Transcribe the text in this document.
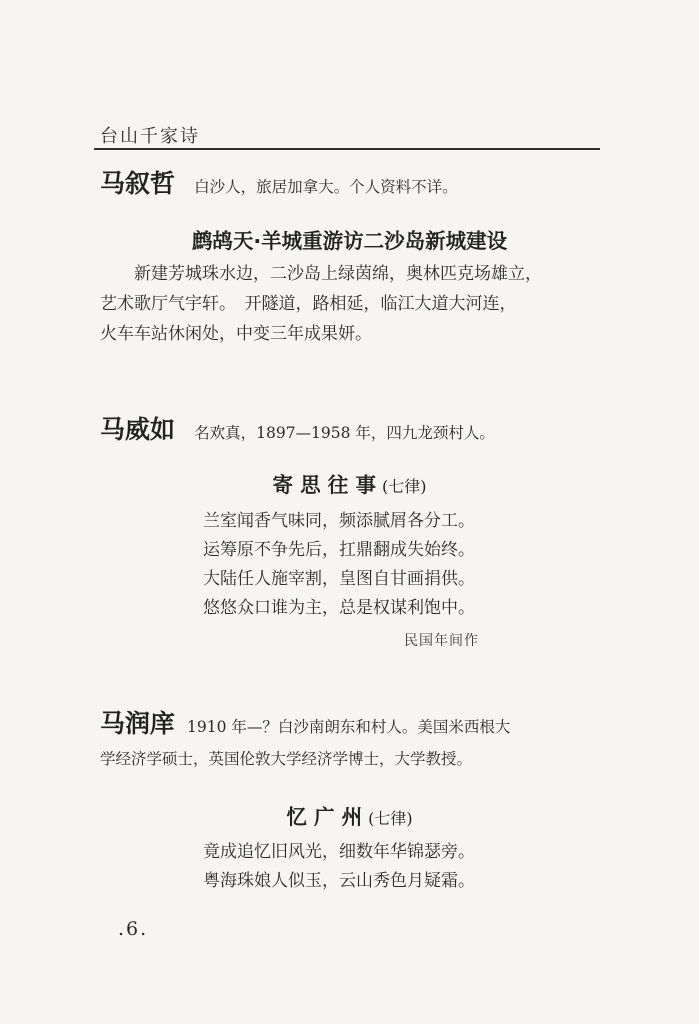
台山千家诗
马叙哲 白沙人，旅居加拿大。个人资料不详。
鹧鸪天·羊城重游访二沙岛新城建设

新建芳城珠水边，二沙岛上绿茵绵，奥林匹克场雄立，

艺术歌厅气宇轩。　开隧道，路相延，临江大道大河连，

火车车站休闲处，中变三年成果妍。

马威如 名欢真，1897—1958 年，四九龙颈村人。
寄 思 往 事 (七律)
兰室闻香气味同，频添腻屑各分工。
运筹原不争先后，扛鼎翻成失始终。
大陆任人施宰割，皇图自甘画捐供。
悠悠众口谁为主，总是权谋利饱中。
民国年间作
马润庠 1910 年—？白沙南朗东和村人。美国米西根大
学经济学硕士，英国伦敦大学经济学博士，大学教授。
忆 广 州 (七律)
竟成追忆旧风光，细数年华锦瑟旁。
粤海珠娘人似玉，云山秀色月疑霜。
.6.
